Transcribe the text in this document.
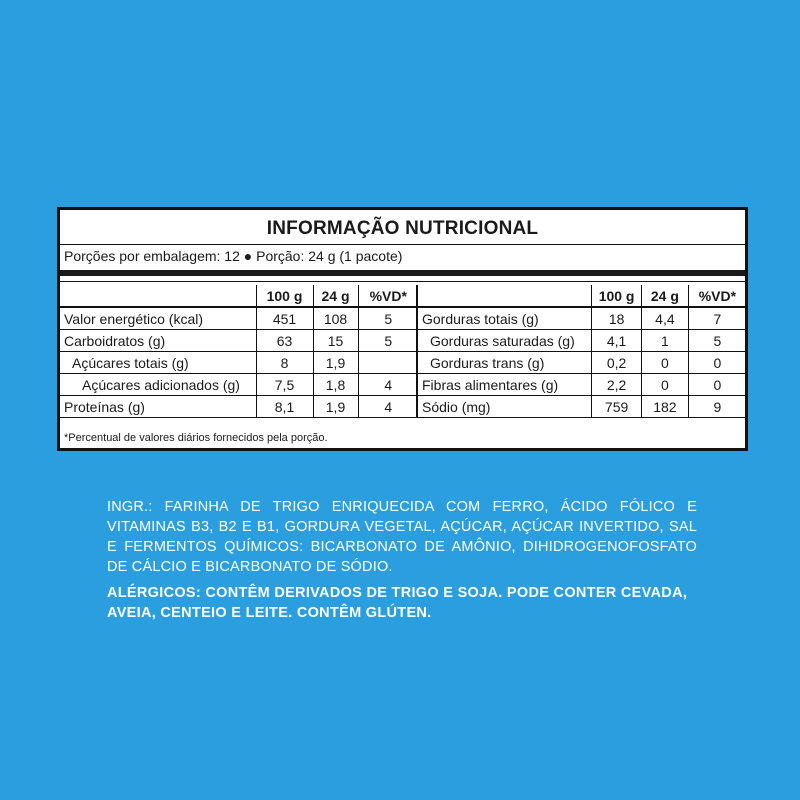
INFORMAÇÃO NUTRICIONAL
Porções por embalagem: 12 ● Porção: 24 g (1 pacote)
	100 g	24 g	%VD*
Valor energético (kcal)	451	108	5
Carboidratos (g)	63	15	5
Açúcares totais (g)	8	1,9	
Açúcares adicionados (g)	7,5	1,8	4
Proteínas (g)	8,1	1,9	4
	100 g	24 g	%VD*
Gorduras totais (g)	18	4,4	7
Gorduras saturadas (g)	4,1	1	5
Gorduras trans (g)	0,2	0	0
Fibras alimentares (g)	2,2	0	0
Sódio (mg)	759	182	9
*Percentual de valores diários fornecidos pela porção.
INGR.: FARINHA DE TRIGO ENRIQUECIDA COM FERRO, ÁCIDO FÓLICO E VITAMINAS B3, B2 E B1, GORDURA VEGETAL, AÇÚCAR, AÇÚCAR INVERTIDO, SAL E FERMENTOS QUÍMICOS: BICARBONATO DE AMÔNIO, DIHIDROGENOFOSFATO DE CÁLCIO E BICARBONATO DE SÓDIO.
ALÉRGICOS: CONTÊM DERIVADOS DE TRIGO E SOJA. PODE CONTER CEVADA, AVEIA, CENTEIO E LEITE. CONTÊM GLÚTEN.
